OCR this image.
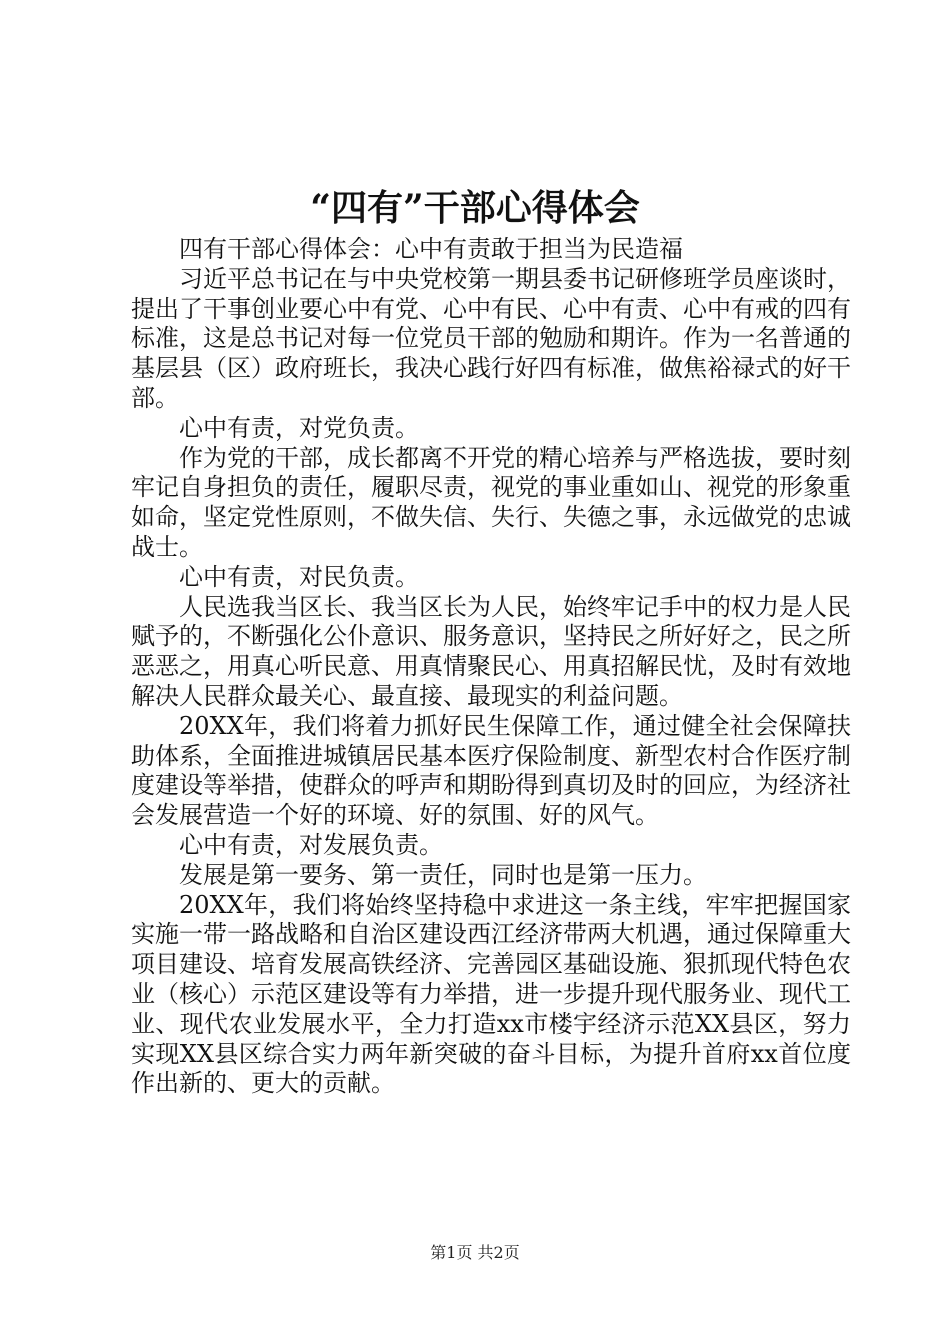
“四有”干部心得体会

四有干部心得体会：心中有责敢于担当为民造福

习近平总书记在与中央党校第一期县委书记研修班学员座谈时，提出了干事创业要心中有党、心中有民、心中有责、心中有戒的四有标准，这是总书记对每一位党员干部的勉励和期许。作为一名普通的基层县（区）政府班长，我决心践行好四有标准，做焦裕禄式的好干部。

心中有责，对党负责。

作为党的干部，成长都离不开党的精心培养与严格选拔，要时刻牢记自身担负的责任，履职尽责，视党的事业重如山、视党的形象重如命，坚定党性原则，不做失信、失行、失德之事，永远做党的忠诚战士。

心中有责，对民负责。

人民选我当区长、我当区长为人民，始终牢记手中的权力是人民赋予的，不断强化公仆意识、服务意识，坚持民之所好好之，民之所恶恶之，用真心听民意、用真情聚民心、用真招解民忧，及时有效地解决人民群众最关心、最直接、最现实的利益问题。

20XX年，我们将着力抓好民生保障工作，通过健全社会保障扶助体系，全面推进城镇居民基本医疗保险制度、新型农村合作医疗制度建设等举措，使群众的呼声和期盼得到真切及时的回应，为经济社会发展营造一个好的环境、好的氛围、好的风气。

心中有责，对发展负责。

发展是第一要务、第一责任，同时也是第一压力。

20XX年，我们将始终坚持稳中求进这一条主线，牢牢把握国家实施一带一路战略和自治区建设西江经济带两大机遇，通过保障重大项目建设、培育发展高铁经济、完善园区基础设施、狠抓现代特色农业（核心）示范区建设等有力举措，进一步提升现代服务业、现代工业、现代农业发展水平，全力打造xx市楼宇经济示范XX县区，努力实现XX县区综合实力两年新突破的奋斗目标，为提升首府xx首位度作出新的、更大的贡献。

第1页 共2页
